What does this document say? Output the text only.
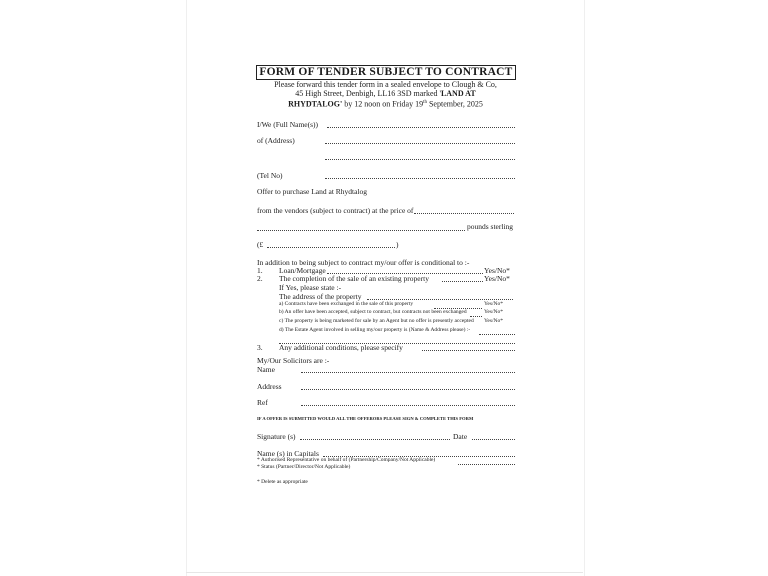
FORM OF TENDER SUBJECT TO CONTRACT
Please forward this tender form in a sealed envelope to Clough & Co,
45 High Street, Denbigh, LL16 3SD marked 'LAND AT
RHYDTALOG' by 12 noon on Friday 19th September, 2025
I/We (Full Name(s))
of (Address)
(Tel No)
Offer to purchase Land at Rhydtalog
from the vendors (subject to contract) at the price of
pounds sterling
(£	)
In addition to being subject to contract my/our offer is conditional to :-
1. Loan/Mortgage	Yes/No*
2. The completion of the sale of an existing property	Yes/No*
If Yes, please state :-
The address of the property
a) Contracts have been exchanged in the sale of this property	Yes/No*
b) An offer have been accepted, subject to contract, but contracts not been exchanged	Yes/No*
c) The property is being marketed for sale by an Agent but no offer is presently accepted Yes/No*
d) The Estate Agent involved in selling my/our property is (Name & Address please) :-
3. Any additional conditions, please specify
My/Our Solicitors are :-
Name
Address
Ref
IF A OFFER IS SUBMITTED WOULD ALL THE OFFERORS PLEASE SIGN & COMPLETE THIS FORM
Signature (s)	Date
Name (s) in Capitals
* Authorised Representative on behalf of (Partnership/Company/Not Applicable)
* Status (Partner/Director/Not Applicable)
* Delete as appropriate
